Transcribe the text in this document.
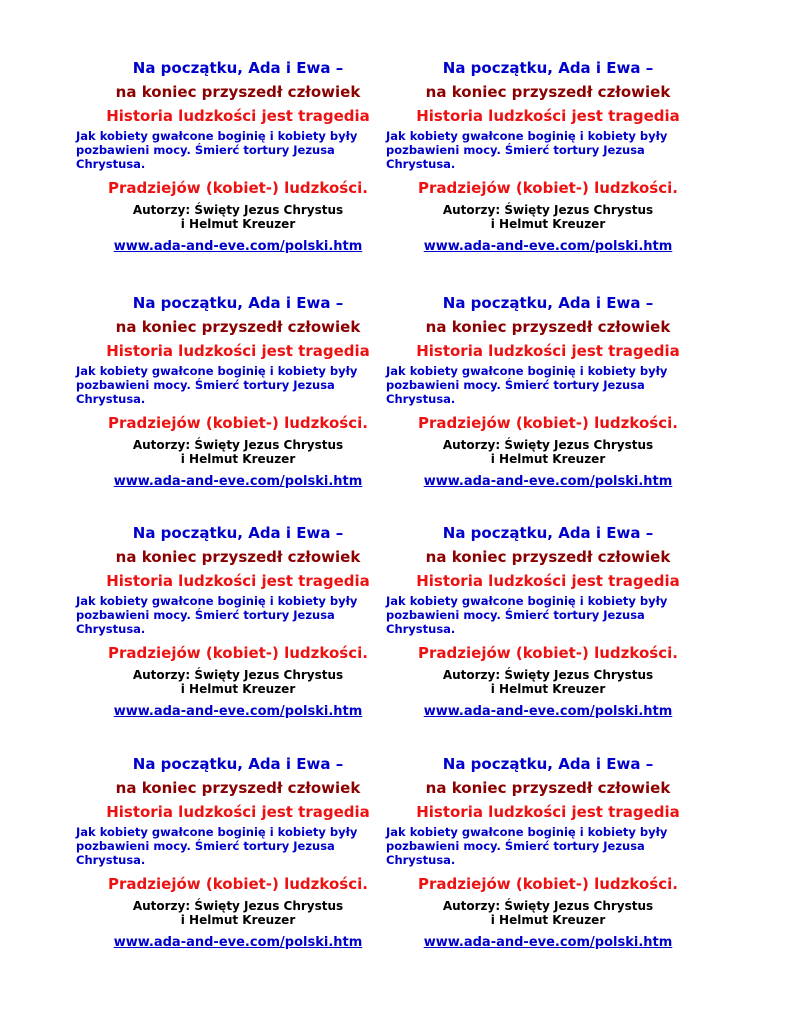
Na początku, Ada i Ewa –
na koniec przyszedł człowiek
Historia ludzkości jest tragedia
Jak kobiety gwałcone boginię i kobiety były pozbawieni mocy. Śmierć tortury Jezusa Chrystusa.
Pradziejów (kobiet-) ludzkości.
Autorzy: Święty Jezus Chrystus
i Helmut Kreuzer
www.ada-and-eve.com/polski.htm
Na początku, Ada i Ewa –
na koniec przyszedł człowiek
Historia ludzkości jest tragedia
Jak kobiety gwałcone boginię i kobiety były pozbawieni mocy. Śmierć tortury Jezusa Chrystusa.
Pradziejów (kobiet-) ludzkości.
Autorzy: Święty Jezus Chrystus
i Helmut Kreuzer
www.ada-and-eve.com/polski.htm
Na początku, Ada i Ewa –
na koniec przyszedł człowiek
Historia ludzkości jest tragedia
Jak kobiety gwałcone boginię i kobiety były pozbawieni mocy. Śmierć tortury Jezusa Chrystusa.
Pradziejów (kobiet-) ludzkości.
Autorzy: Święty Jezus Chrystus
i Helmut Kreuzer
www.ada-and-eve.com/polski.htm
Na początku, Ada i Ewa –
na koniec przyszedł człowiek
Historia ludzkości jest tragedia
Jak kobiety gwałcone boginię i kobiety były pozbawieni mocy. Śmierć tortury Jezusa Chrystusa.
Pradziejów (kobiet-) ludzkości.
Autorzy: Święty Jezus Chrystus
i Helmut Kreuzer
www.ada-and-eve.com/polski.htm
Na początku, Ada i Ewa –
na koniec przyszedł człowiek
Historia ludzkości jest tragedia
Jak kobiety gwałcone boginię i kobiety były pozbawieni mocy. Śmierć tortury Jezusa Chrystusa.
Pradziejów (kobiet-) ludzkości.
Autorzy: Święty Jezus Chrystus
i Helmut Kreuzer
www.ada-and-eve.com/polski.htm
Na początku, Ada i Ewa –
na koniec przyszedł człowiek
Historia ludzkości jest tragedia
Jak kobiety gwałcone boginię i kobiety były pozbawieni mocy. Śmierć tortury Jezusa Chrystusa.
Pradziejów (kobiet-) ludzkości.
Autorzy: Święty Jezus Chrystus
i Helmut Kreuzer
www.ada-and-eve.com/polski.htm
Na początku, Ada i Ewa –
na koniec przyszedł człowiek
Historia ludzkości jest tragedia
Jak kobiety gwałcone boginię i kobiety były pozbawieni mocy. Śmierć tortury Jezusa Chrystusa.
Pradziejów (kobiet-) ludzkości.
Autorzy: Święty Jezus Chrystus
i Helmut Kreuzer
www.ada-and-eve.com/polski.htm
Na początku, Ada i Ewa –
na koniec przyszedł człowiek
Historia ludzkości jest tragedia
Jak kobiety gwałcone boginię i kobiety były pozbawieni mocy. Śmierć tortury Jezusa Chrystusa.
Pradziejów (kobiet-) ludzkości.
Autorzy: Święty Jezus Chrystus
i Helmut Kreuzer
www.ada-and-eve.com/polski.htm
